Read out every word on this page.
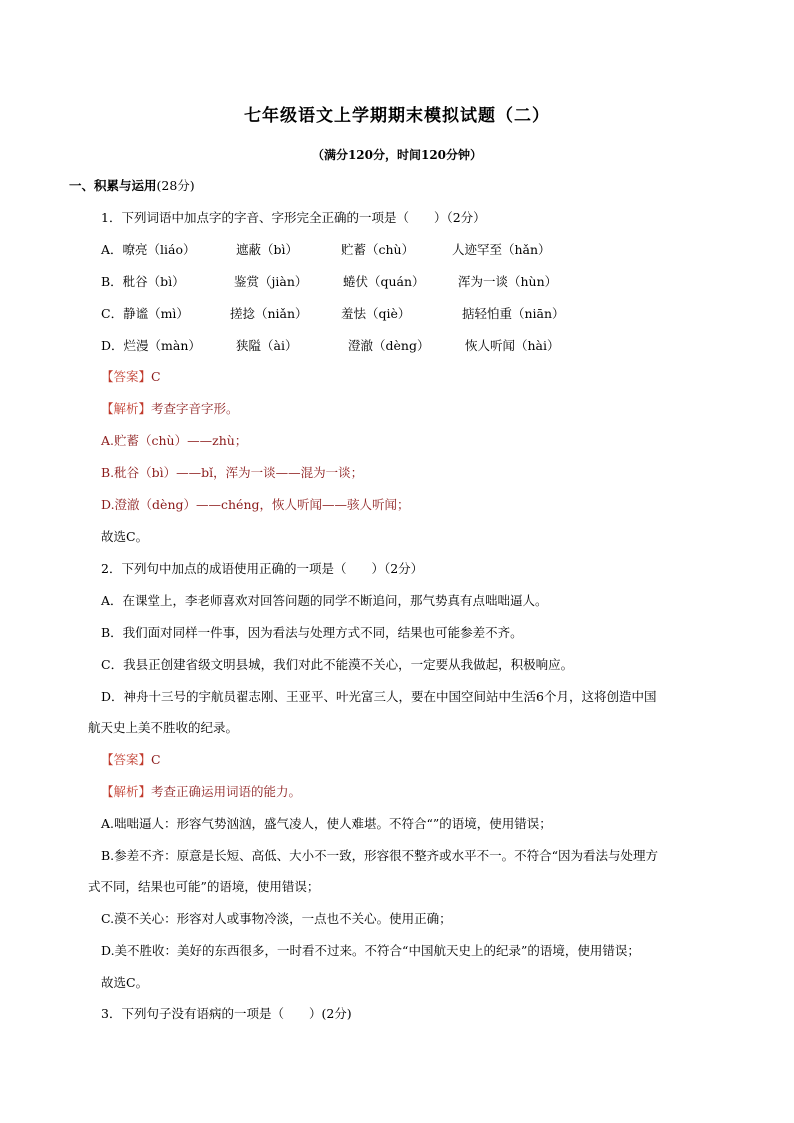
七年级语文上学期期末模拟试题（二）
（满分120分，时间120分钟）
一、积累与运用(28分)
1．下列词语中加点字的字音、字形完全正确的一项是（　　）（2分）
A．嘹亮（liáo）	遮蔽（bì）	贮蓄（chù）	人迹罕至（hǎn）
B．秕谷（bì）	鉴赏（jiàn）	蜷伏（quán）	浑为一谈（hùn）
C．静谧（mì）	搓捻（niǎn）	羞怯（qiè）	掂轻怕重（niān）
D．烂漫（màn）	狭隘（ài）	澄澈（dèng）	恢人听闻（hài）
【答案】C
【解析】考查字音字形。
A.贮蓄（chù）——zhù；
B.秕谷（bì）——bǐ，浑为一谈——混为一谈；
D.澄澈（dèng）——chéng，恢人听闻——骇人听闻；
故选C。
2．下列句中加点的成语使用正确的一项是（　　）（2分）
A．在课堂上，李老师喜欢对回答问题的同学不断追问，那气势真有点咄咄逼人。
B．我们面对同样一件事，因为看法与处理方式不同，结果也可能参差不齐。
C．我县正创建省级文明县城，我们对此不能漠不关心，一定要从我做起，积极响应。
D．神舟十三号的宇航员翟志刚、王亚平、叶光富三人，要在中国空间站中生活6个月，这将创造中国
航天史上美不胜收的纪录。
【答案】C
【解析】考查正确运用词语的能力。
A.咄咄逼人：形容气势汹汹，盛气凌人，使人难堪。不符合“”的语境，使用错误；
B.参差不齐：原意是长短、高低、大小不一致，形容很不整齐或水平不一。不符合“因为看法与处理方
式不同，结果也可能”的语境，使用错误；
C.漠不关心：形容对人或事物冷淡，一点也不关心。使用正确；
D.美不胜收：美好的东西很多，一时看不过来。不符合“中国航天史上的纪录”的语境，使用错误；
故选C。
3．下列句子没有语病的一项是（　　）(2分)
